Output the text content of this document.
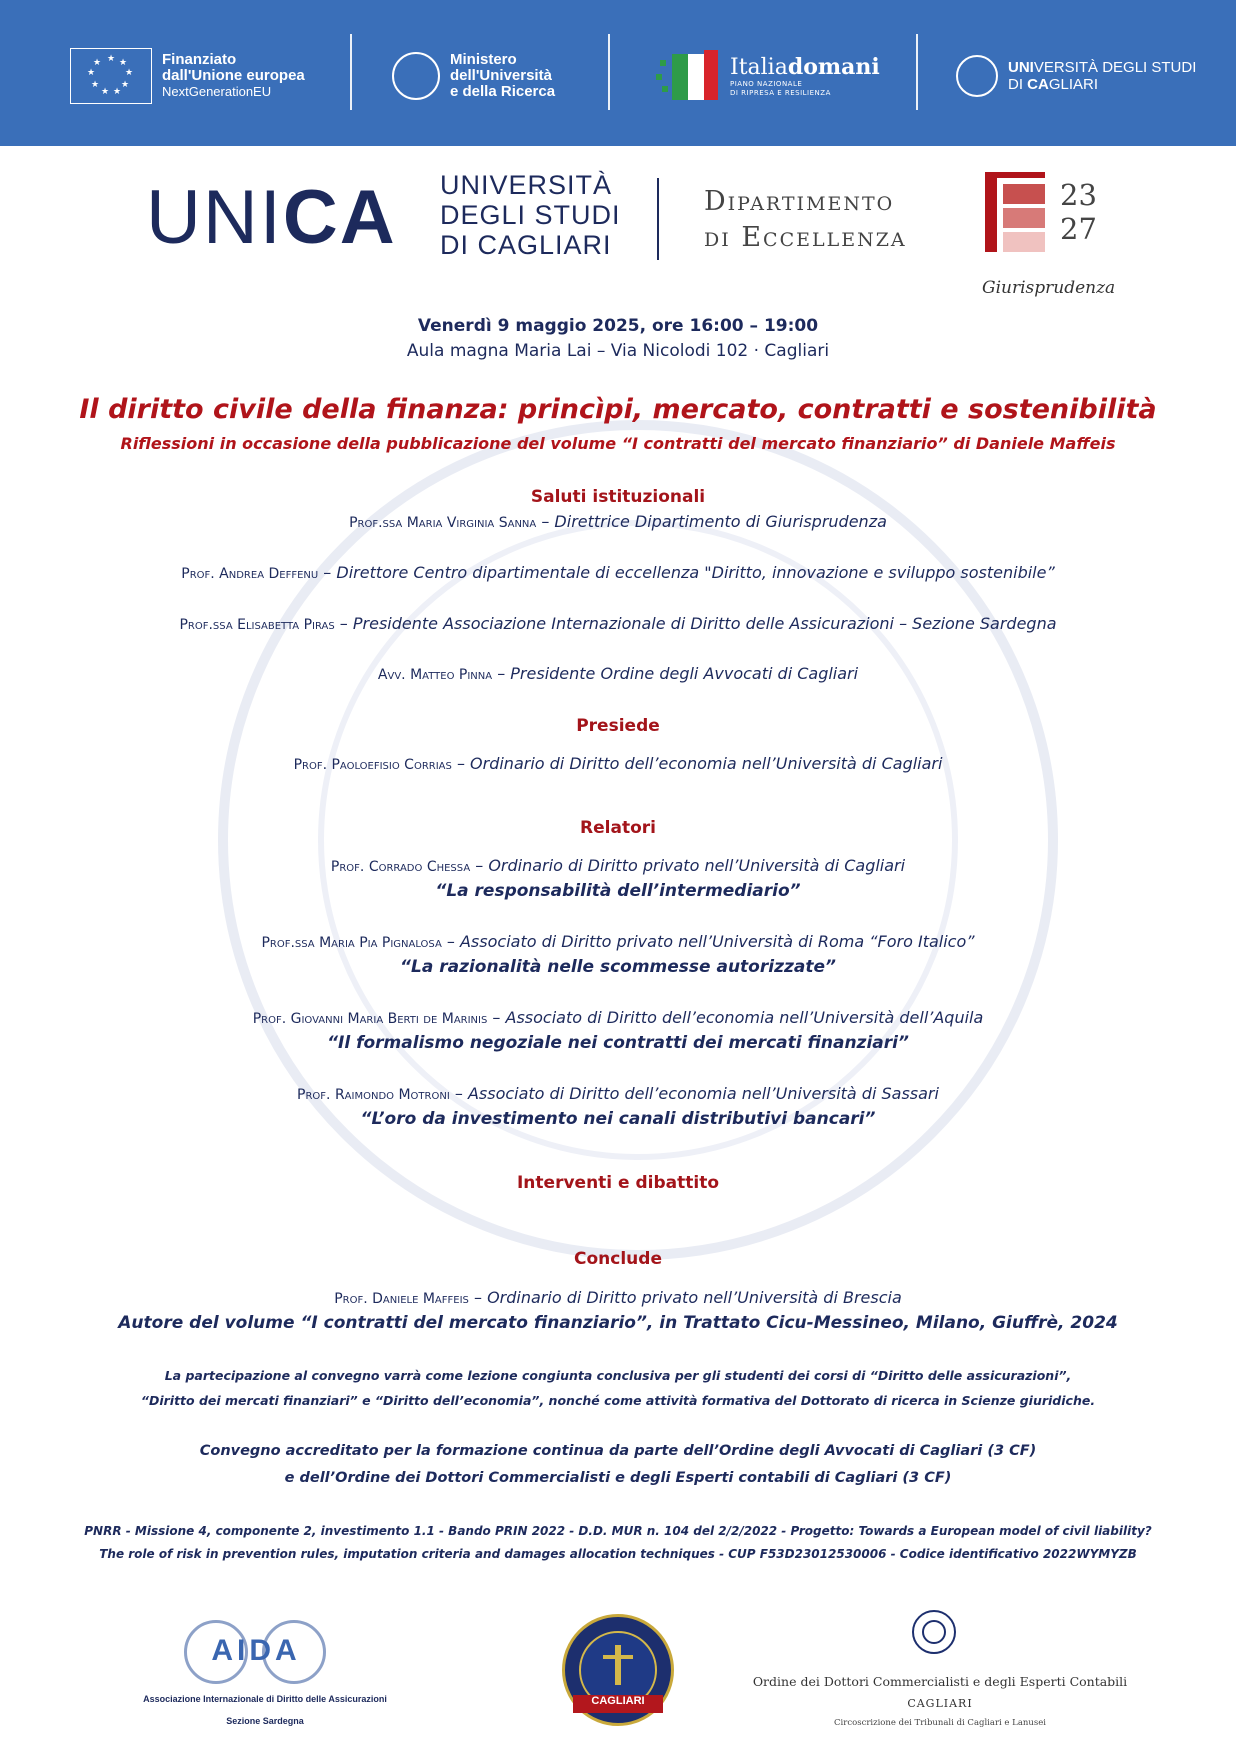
★ ★
★
★
★
★
★
★
★	Finanziato
dall'Unione europea
NextGenerationEU
Ministero
dell'Università
e della Ricerca
Italiadomani
PIANO NAZIONALE
DI RIPRESA E RESILIENZA
UNIVERSITÀ DEGLI STUDI
DI CAGLIARI
UNICA UNIVERSITÀ
DEGLI STUDI
DI CAGLIARI
Dipartimento
di Eccellenza
23
27
Giurisprudenza
Venerdì 9 maggio 2025, ore 16:00 – 19:00
Aula magna Maria Lai – Via Nicolodi 102 · Cagliari
Il diritto civile della finanza: princìpi, mercato, contratti e sostenibilità
Riflessioni in occasione della pubblicazione del volume “I contratti del mercato finanziario” di Daniele Maffeis
Saluti istituzionali
Prof.ssa Maria Virginia Sanna – Direttrice Dipartimento di Giurisprudenza
Prof. Andrea Deffenu – Direttore Centro dipartimentale di eccellenza "Diritto, innovazione e sviluppo sostenibile”
Prof.ssa Elisabetta Piras – Presidente Associazione Internazionale di Diritto delle Assicurazioni – Sezione Sardegna
Avv. Matteo Pinna – Presidente Ordine degli Avvocati di Cagliari
Presiede
Prof. Paoloefisio Corrias – Ordinario di Diritto dell’economia nell’Università di Cagliari
Relatori
Prof. Corrado Chessa – Ordinario di Diritto privato nell’Università di Cagliari
“La responsabilità dell’intermediario”
Prof.ssa Maria Pia Pignalosa – Associato di Diritto privato nell’Università di Roma “Foro Italico”
“La razionalità nelle scommesse autorizzate”
Prof. Giovanni Maria Berti de Marinis – Associato di Diritto dell’economia nell’Università dell’Aquila
“Il formalismo negoziale nei contratti dei mercati finanziari”
Prof. Raimondo Motroni – Associato di Diritto dell’economia nell’Università di Sassari
“L’oro da investimento nei canali distributivi bancari”
Interventi e dibattito
Conclude
Prof. Daniele Maffeis – Ordinario di Diritto privato nell’Università di Brescia
Autore del volume “I contratti del mercato finanziario”, in Trattato Cicu-Messineo, Milano, Giuffrè, 2024
La partecipazione al convegno varrà come lezione congiunta conclusiva per gli studenti dei corsi di “Diritto delle assicurazioni”,
“Diritto dei mercati finanziari” e “Diritto dell’economia”, nonché come attività formativa del Dottorato di ricerca in Scienze giuridiche.
Convegno accreditato per la formazione continua da parte dell’Ordine degli Avvocati di Cagliari (3 CF)
e dell’Ordine dei Dottori Commercialisti e degli Esperti contabili di Cagliari (3 CF)
PNRR - Missione 4, componente 2, investimento 1.1 - Bando PRIN 2022 - D.D. MUR n. 104 del 2/2/2022 - Progetto: Towards a European model of civil liability?
The role of risk in prevention rules, imputation criteria and damages allocation techniques - CUP F53D23012530006 - Codice identificativo 2022WYMYZB
AIDA
Associazione Internazionale di Diritto delle Assicurazioni
Sezione Sardegna
CAGLIARI
Ordine dei Dottori Commercialisti e degli Esperti Contabili
CAGLIARI
Circoscrizione dei Tribunali di Cagliari e Lanusei
